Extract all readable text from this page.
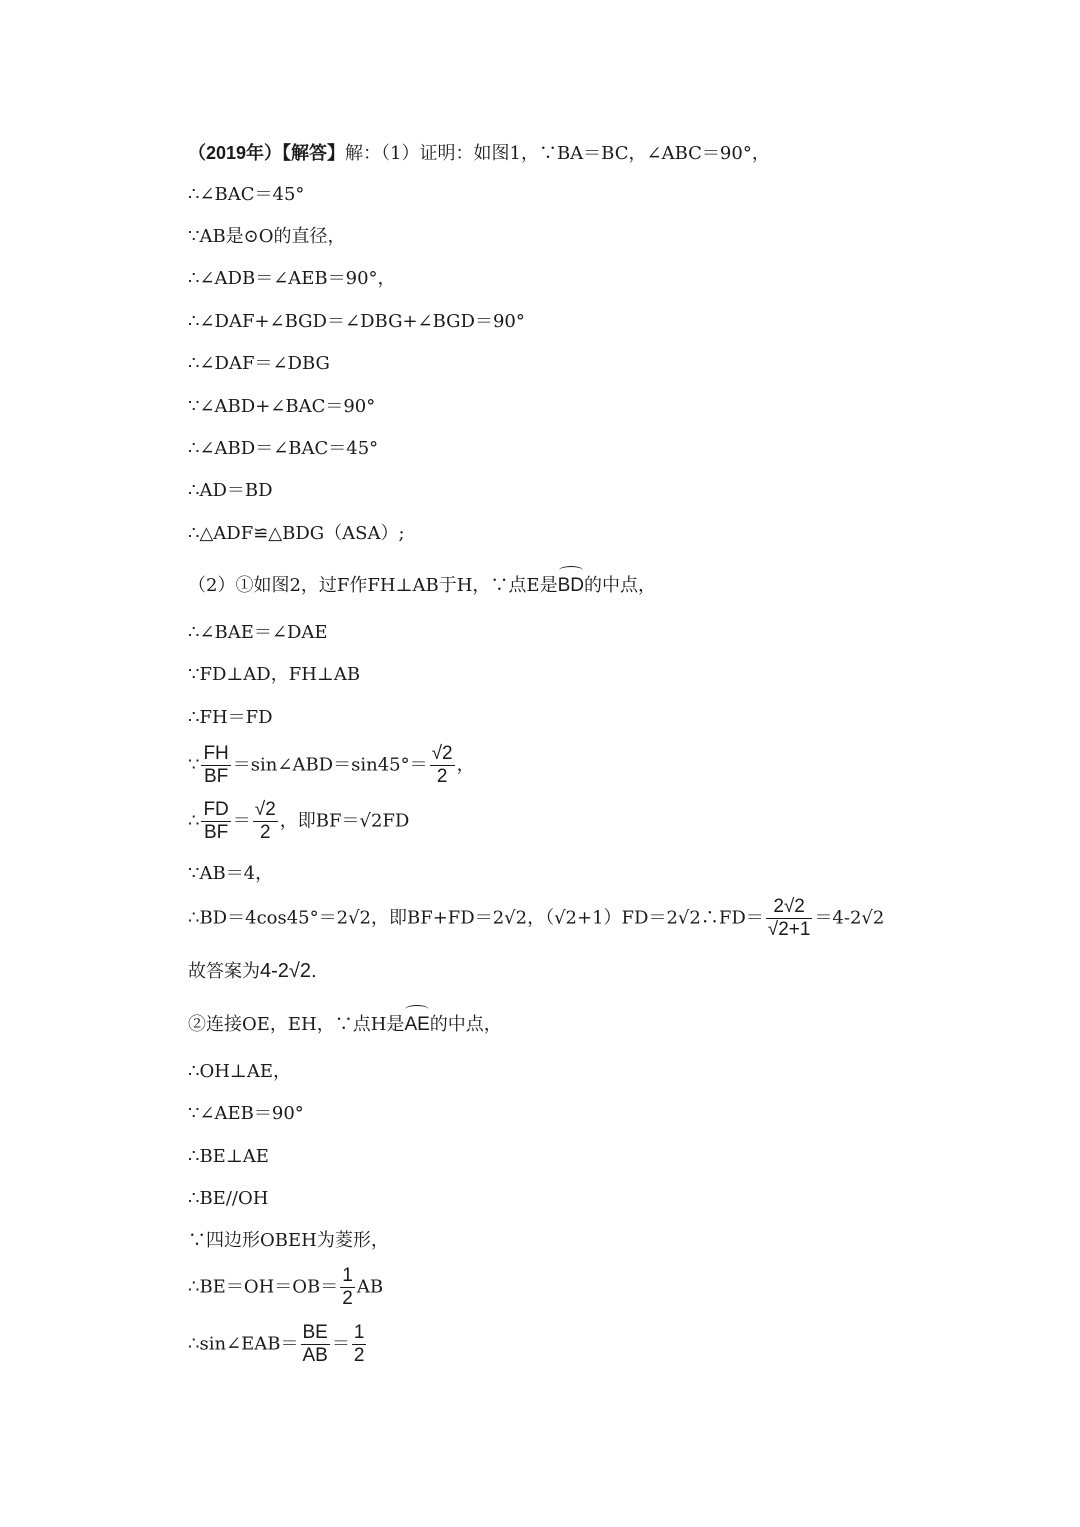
（2019年）【解答】解：（1）证明：如图1，∵BA＝BC，∠ABC＝90°，
∴∠BAC＝45°
∵AB是⊙O的直径，
∴∠ADB＝∠AEB＝90°，
∴∠DAF+∠BGD＝∠DBG+∠BGD＝90°
∴∠DAF＝∠DBG
∵∠ABD+∠BAC＝90°
∴∠ABD＝∠BAC＝45°
∴AD＝BD
∴△ADF≌△BDG（ASA）;
（2）①如图2，过F作FH⊥AB于H，∵点E是BD的中点，
∴∠BAE＝∠DAE
∵FD⊥AD，FH⊥AB
∴FH＝FD
∵ $\frac{FH}{BF}$ ＝sin∠ABD＝sin45°＝ $\frac{√2}{2}$ ，
∴ $\frac{FD}{BF} = \frac{√2}{2}$ ，即BF＝√2FD
∵AB＝4，
∴BD＝4cos45°＝2√2，即BF+FD＝2√2，（√2+1）FD＝2√2∴FD＝ $\frac{2√2}{√2+1} =4-2√2$
故答案为4-2√2.
②连接OE，EH，∵点H是AE的中点，
∴OH⊥AE，
∵∠AEB＝90°
∴BE⊥AE
∴BE//OH
∵四边形OBEH为菱形，
∴BE＝OH＝OB＝ $\frac{1}{2}$ AB
∴sin∠EAB＝ $\frac{BE}{AB} = \frac{1}{2}$
